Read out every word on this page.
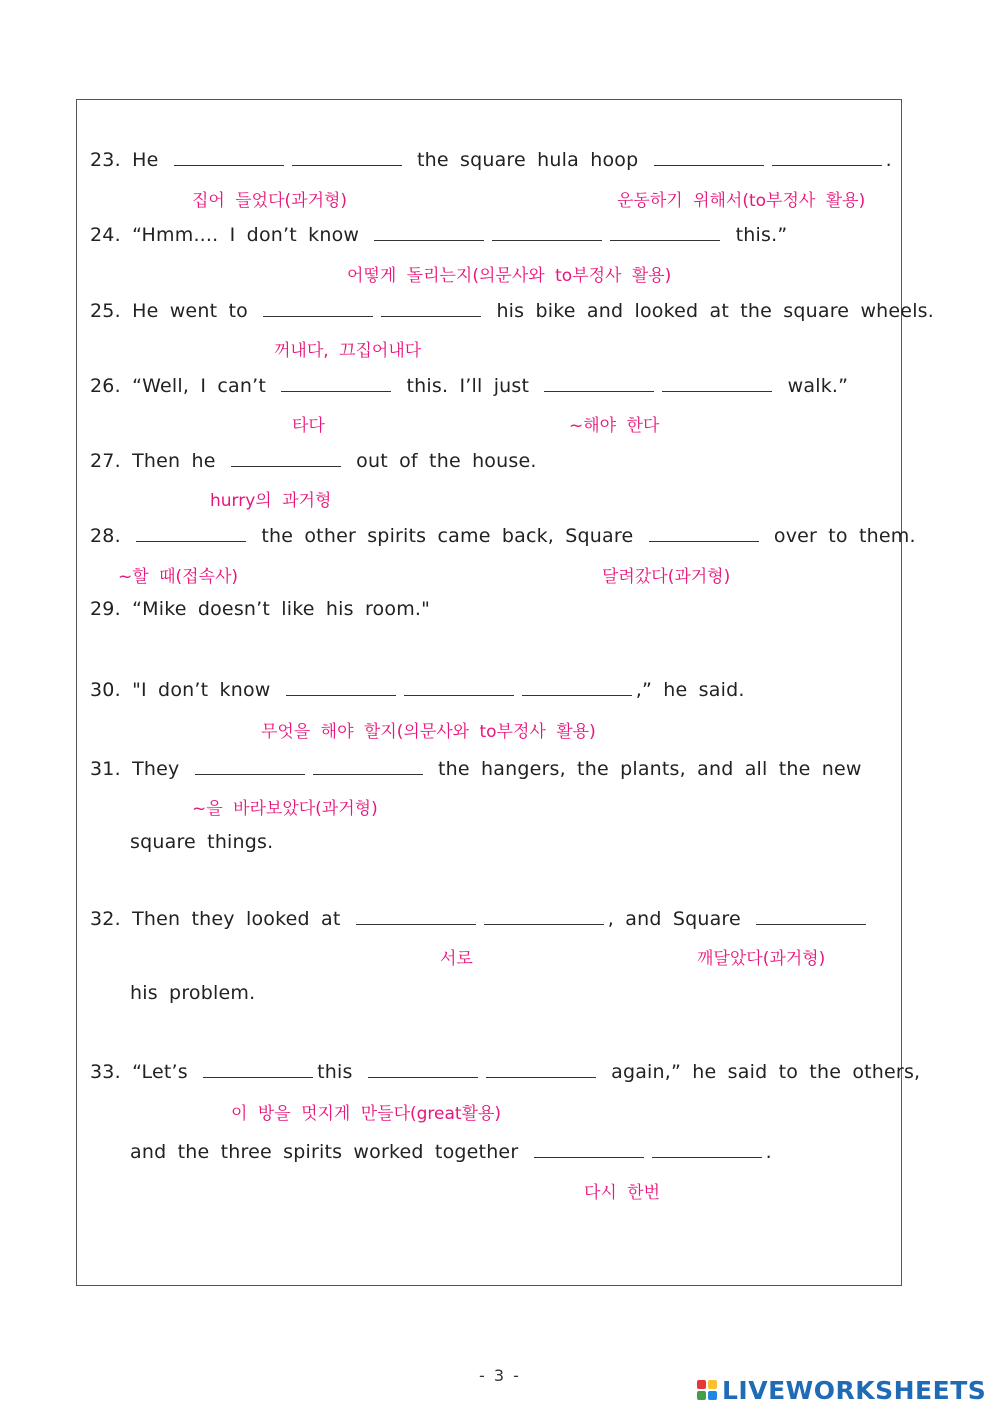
23. He	the square hula hoop	.
집어 들었다(과거형)	운동하기 위해서(to부정사 활용)
24. “Hmm.... I don’t know	this.”
어떻게 돌리는지(의문사와 to부정사 활용)
25. He went to	his bike and looked at the square wheels.
꺼내다, 끄집어내다
26. “Well, I can’t	this. I’ll just	walk.”
타다	~해야 한다
27. Then he	out of the house.
hurry의 과거형
28.	the other spirits came back, Square	over to them.
~할 때(접속사)	달려갔다(과거형)
29. “Mike doesn’t like his room."
30. "I don’t know	,” he said.
무엇을 해야 할지(의문사와 to부정사 활용)
31. They	the hangers, the plants, and all the new
~을 바라보았다(과거형)
square things.
32. Then they looked at	, and Square
서로	깨달았다(과거형)
his problem.
33. “Let’s	this	again,” he said to the others,
이 방을 멋지게 만들다(great활용)
and the three spirits worked together	.
다시 한번
- 3 -	LIVEWORKSHEETS
